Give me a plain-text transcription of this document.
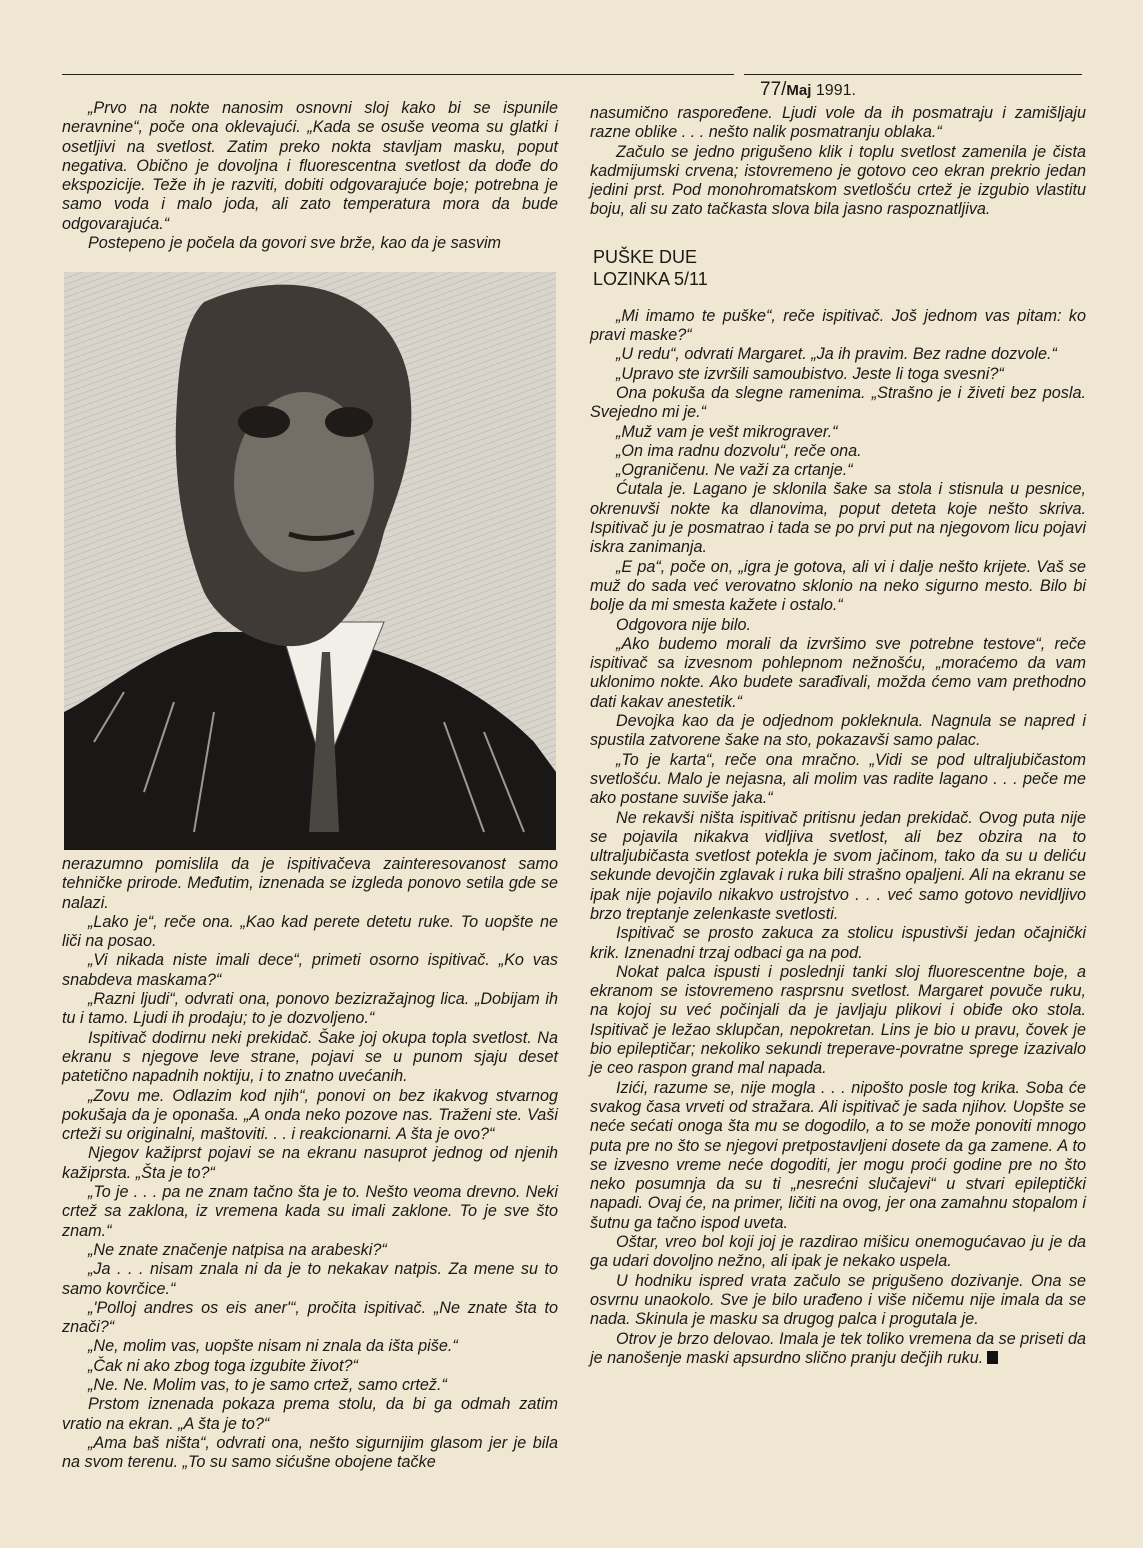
77/Maj 1991.

„Prvo na nokte nanosim osnovni sloj kako bi se ispunile neravnine“, poče ona oklevajući. „Kada se osuše veoma su glatki i osetljivi na svetlost. Zatim preko nokta stavljam masku, poput negativa. Obično je dovoljna i fluorescentna svetlost da dođe do ekspozicije. Teže ih je razviti, dobiti odgovarajuće boje; potrebna je samo voda i malo joda, ali zato temperatura mora da bude odgovarajuća.“

Postepeno je počela da govori sve brže, kao da je sasvim

nerazumno pomislila da je ispitivačeva zainteresovanost samo tehničke prirode. Međutim, iznenada se izgleda ponovo setila gde se nalazi.

„Lako je“, reče ona. „Kao kad perete detetu ruke. To uopšte ne liči na posao.

„Vi nikada niste imali dece“, primeti osorno ispitivač. „Ko vas snabdeva maskama?“

„Razni ljudi“, odvrati ona, ponovo bezizražajnog lica. „Dobijam ih tu i tamo. Ljudi ih prodaju; to je dozvoljeno.“

Ispitivač dodirnu neki prekidač. Šake joj okupa topla svetlost. Na ekranu s njegove leve strane, pojavi se u punom sjaju deset patetično napadnih noktiju, i to znatno uvećanih.

„Zovu me. Odlazim kod njih“, ponovi on bez ikakvog stvarnog pokušaja da je oponaša. „A onda neko pozove nas. Traženi ste. Vaši crteži su originalni, maštoviti. . . i reakcionarni. A šta je ovo?“

Njegov kažiprst pojavi se na ekranu nasuprot jednog od njenih kažiprsta. „Šta je to?“

„To je . . . pa ne znam tačno šta je to. Nešto veoma drevno. Neki crtež sa zaklona, iz vremena kada su imali zaklone. To je sve što znam.“

„Ne znate značenje natpisa na arabeski?“

„Ja . . . nisam znala ni da je to nekakav natpis. Za mene su to samo kovrčice.“

„'Polloj andres os eis aner'“, pročita ispitivač. „Ne znate šta to znači?“

„Ne, molim vas, uopšte nisam ni znala da išta piše.“

„Čak ni ako zbog toga izgubite život?“

„Ne. Ne. Molim vas, to je samo crtež, samo crtež.“

Prstom iznenada pokaza prema stolu, da bi ga odmah zatim vratio na ekran. „A šta je to?“

„Ama baš ništa“, odvrati ona, nešto sigurnijim glasom jer je bila na svom terenu. „To su samo sićušne obojene tačke

nasumično raspoređene. Ljudi vole da ih posmatraju i zamišljaju razne oblike . . . nešto nalik posmatranju oblaka.“

Začulo se jedno prigušeno klik i toplu svetlost zamenila je čista kadmijumski crvena; istovremeno je gotovo ceo ekran prekrio jedan jedini prst. Pod monohromatskom svetlošću crtež je izgubio vlastitu boju, ali su zato tačkasta slova bila jasno raspoznatljiva.

PUŠKE DUE
LOZINKA 5/11

„Mi imamo te puške“, reče ispitivač. Još jednom vas pitam: ko pravi maske?“

„U redu“, odvrati Margaret. „Ja ih pravim. Bez radne dozvole.“

„Upravo ste izvršili samoubistvo. Jeste li toga svesni?“

Ona pokuša da slegne ramenima. „Strašno je i živeti bez posla. Svejedno mi je.“

„Muž vam je vešt mikrograver.“

„On ima radnu dozvolu“, reče ona.

„Ograničenu. Ne važi za crtanje.“

Ćutala je. Lagano je sklonila šake sa stola i stisnula u pesnice, okrenuvši nokte ka dlanovima, poput deteta koje nešto skriva. Ispitivač ju je posmatrao i tada se po prvi put na njegovom licu pojavi iskra zanimanja.

„E pa“, poče on, „igra je gotova, ali vi i dalje nešto krijete. Vaš se muž do sada već verovatno sklonio na neko sigurno mesto. Bilo bi bolje da mi smesta kažete i ostalo.“

Odgovora nije bilo.

„Ako budemo morali da izvršimo sve potrebne testove“, reče ispitivač sa izvesnom pohlepnom nežnošću, „moraćemo da vam uklonimo nokte. Ako budete sarađivali, možda ćemo vam prethodno dati kakav anestetik.“

Devojka kao da je odjednom pokleknula. Nagnula se napred i spustila zatvorene šake na sto, pokazavši samo palac.

„To je karta“, reče ona mračno. „Vidi se pod ultraljubičastom svetlošću. Malo je nejasna, ali molim vas radite lagano . . . peče me ako postane suviše jaka.“

Ne rekavši ništa ispitivač pritisnu jedan prekidač. Ovog puta nije se pojavila nikakva vidljiva svetlost, ali bez obzira na to ultraljubičasta svetlost potekla je svom jačinom, tako da su u deliću sekunde devojčin zglavak i ruka bili strašno opaljeni. Ali na ekranu se ipak nije pojavilo nikakvo ustrojstvo . . . već samo gotovo nevidljivo brzo treptanje zelenkaste svetlosti.

Ispitivač se prosto zakuca za stolicu ispustivši jedan očajnički krik. Iznenadni trzaj odbaci ga na pod.

Nokat palca ispusti i poslednji tanki sloj fluorescentne boje, a ekranom se istovremeno rasprsnu svetlost. Margaret povuče ruku, na kojoj su već počinjali da je javljaju plikovi i obiđe oko stola. Ispitivač je ležao sklupčan, nepokretan. Lins je bio u pravu, čovek je bio epileptičar; nekoliko sekundi treperave-povratne sprege izazivalo je ceo raspon grand mal napada.

Izići, razume se, nije mogla . . . nipošto posle tog krika. Soba će svakog časa vrveti od stražara. Ali ispitivač je sada njihov. Uopšte se neće sećati onoga šta mu se dogodilo, a to se može ponoviti mnogo puta pre no što se njegovi pretpostavljeni dosete da ga zamene. A to se izvesno vreme neće dogoditi, jer mogu proći godine pre no što neko posumnja da su ti „nesrećni slučajevi“ u stvari epileptički napadi. Ovaj će, na primer, ličiti na ovog, jer ona zamahnu stopalom i šutnu ga tačno ispod uveta.

Oštar, vreo bol koji joj je razdirao mišicu onemogućavao ju je da ga udari dovoljno nežno, ali ipak je nekako uspela.

U hodniku ispred vrata začulo se prigušeno dozivanje. Ona se osvrnu unaokolo. Sve je bilo urađeno i više ničemu nije imala da se nada. Skinula je masku sa drugog palca i progutala je.

Otrov je brzo delovao. Imala je tek toliko vremena da se priseti da je nanošenje maski apsurdno slično pranju dečjih ruku.
